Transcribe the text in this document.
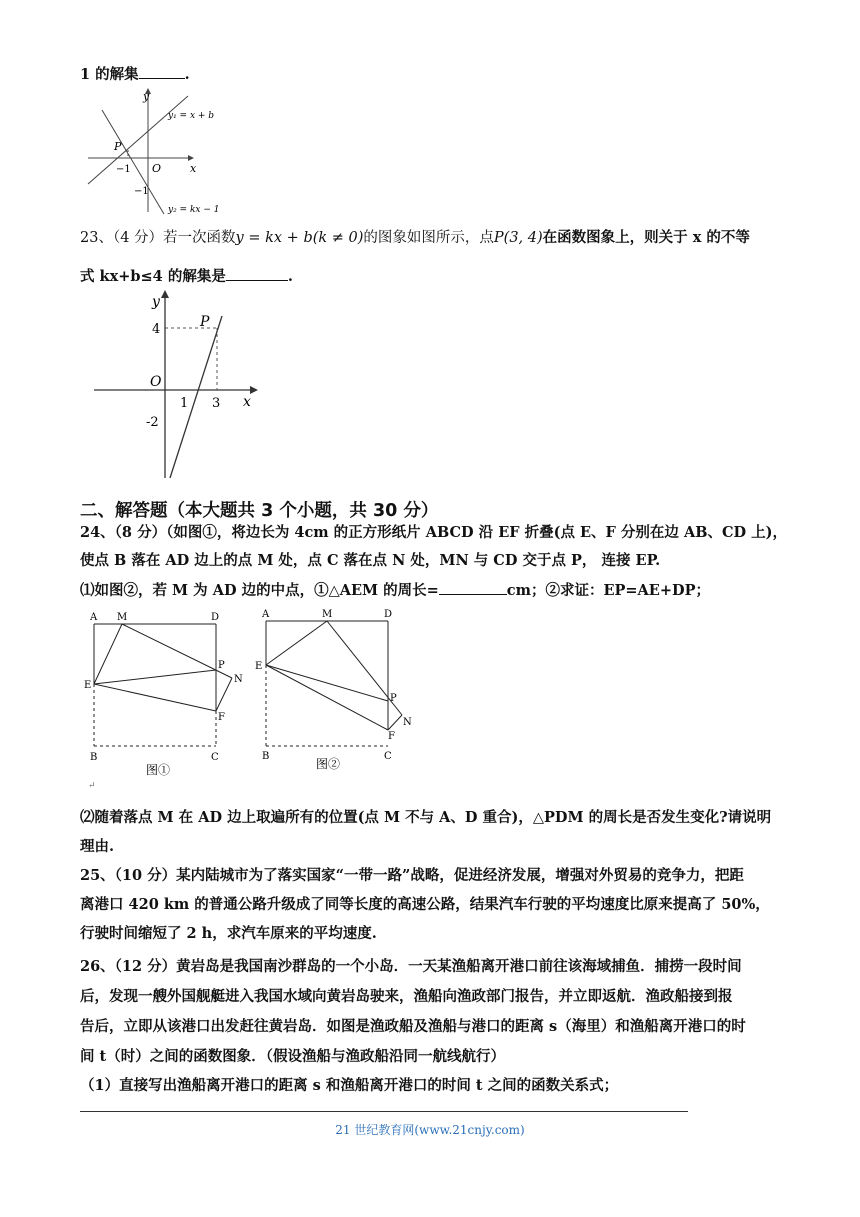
1 的解集	.
y
x
O
P
−1
−1
y₁ = x + b
y₂ = kx − 1
23、（4 分）若一次函数y = kx + b(k ≠ 0)的图象如图所示，点P(3, 4)在函数图象上，则关于 x 的不等
式 kx+b≤4 的解集是	.
y
x
O
P
4
-2
1 3
二、解答题（本大题共 3 个小题，共 30 分）
24、（8 分）（如图①，将边长为 4cm 的正方形纸片 ABCD 沿 EF 折叠(点 E、F 分别在边 AB、CD 上)，
使点 B 落在 AD 边上的点 M 处，点 C 落在点 N 处，MN 与 CD 交于点 P， 连接 EP.
⑴如图②，若 M 为 AD 边的中点，①△AEM 的周长=	cm；②求证：EP=AE+DP；
A M	D
P
N
E
F
B	C
图①
↵
A	M	D
P
N
E
F
B	C
图②
⑵随着落点 M 在 AD 边上取遍所有的位置(点 M 不与 A、D 重合)，△PDM 的周长是否发生变化?请说明
理由.
25、（10 分）某内陆城市为了落实国家“一带一路”战略，促进经济发展，增强对外贸易的竞争力，把距
离港口 420 km 的普通公路升级成了同等长度的高速公路，结果汽车行驶的平均速度比原来提高了 50%，
行驶时间缩短了 2 h，求汽车原来的平均速度.
26、（12 分）黄岩岛是我国南沙群岛的一个小岛．一天某渔船离开港口前往该海域捕鱼．捕捞一段时间
后，发现一艘外国舰艇进入我国水域向黄岩岛驶来，渔船向渔政部门报告，并立即返航．渔政船接到报
告后，立即从该港口出发赶往黄岩岛．如图是渔政船及渔船与港口的距离 s（海里）和渔船离开港口的时
间 t（时）之间的函数图象．（假设渔船与渔政船沿同一航线航行）
（1）直接写出渔船离开港口的距离 s 和渔船离开港口的时间 t 之间的函数关系式；
21 世纪教育网(www.21cnjy.com)
